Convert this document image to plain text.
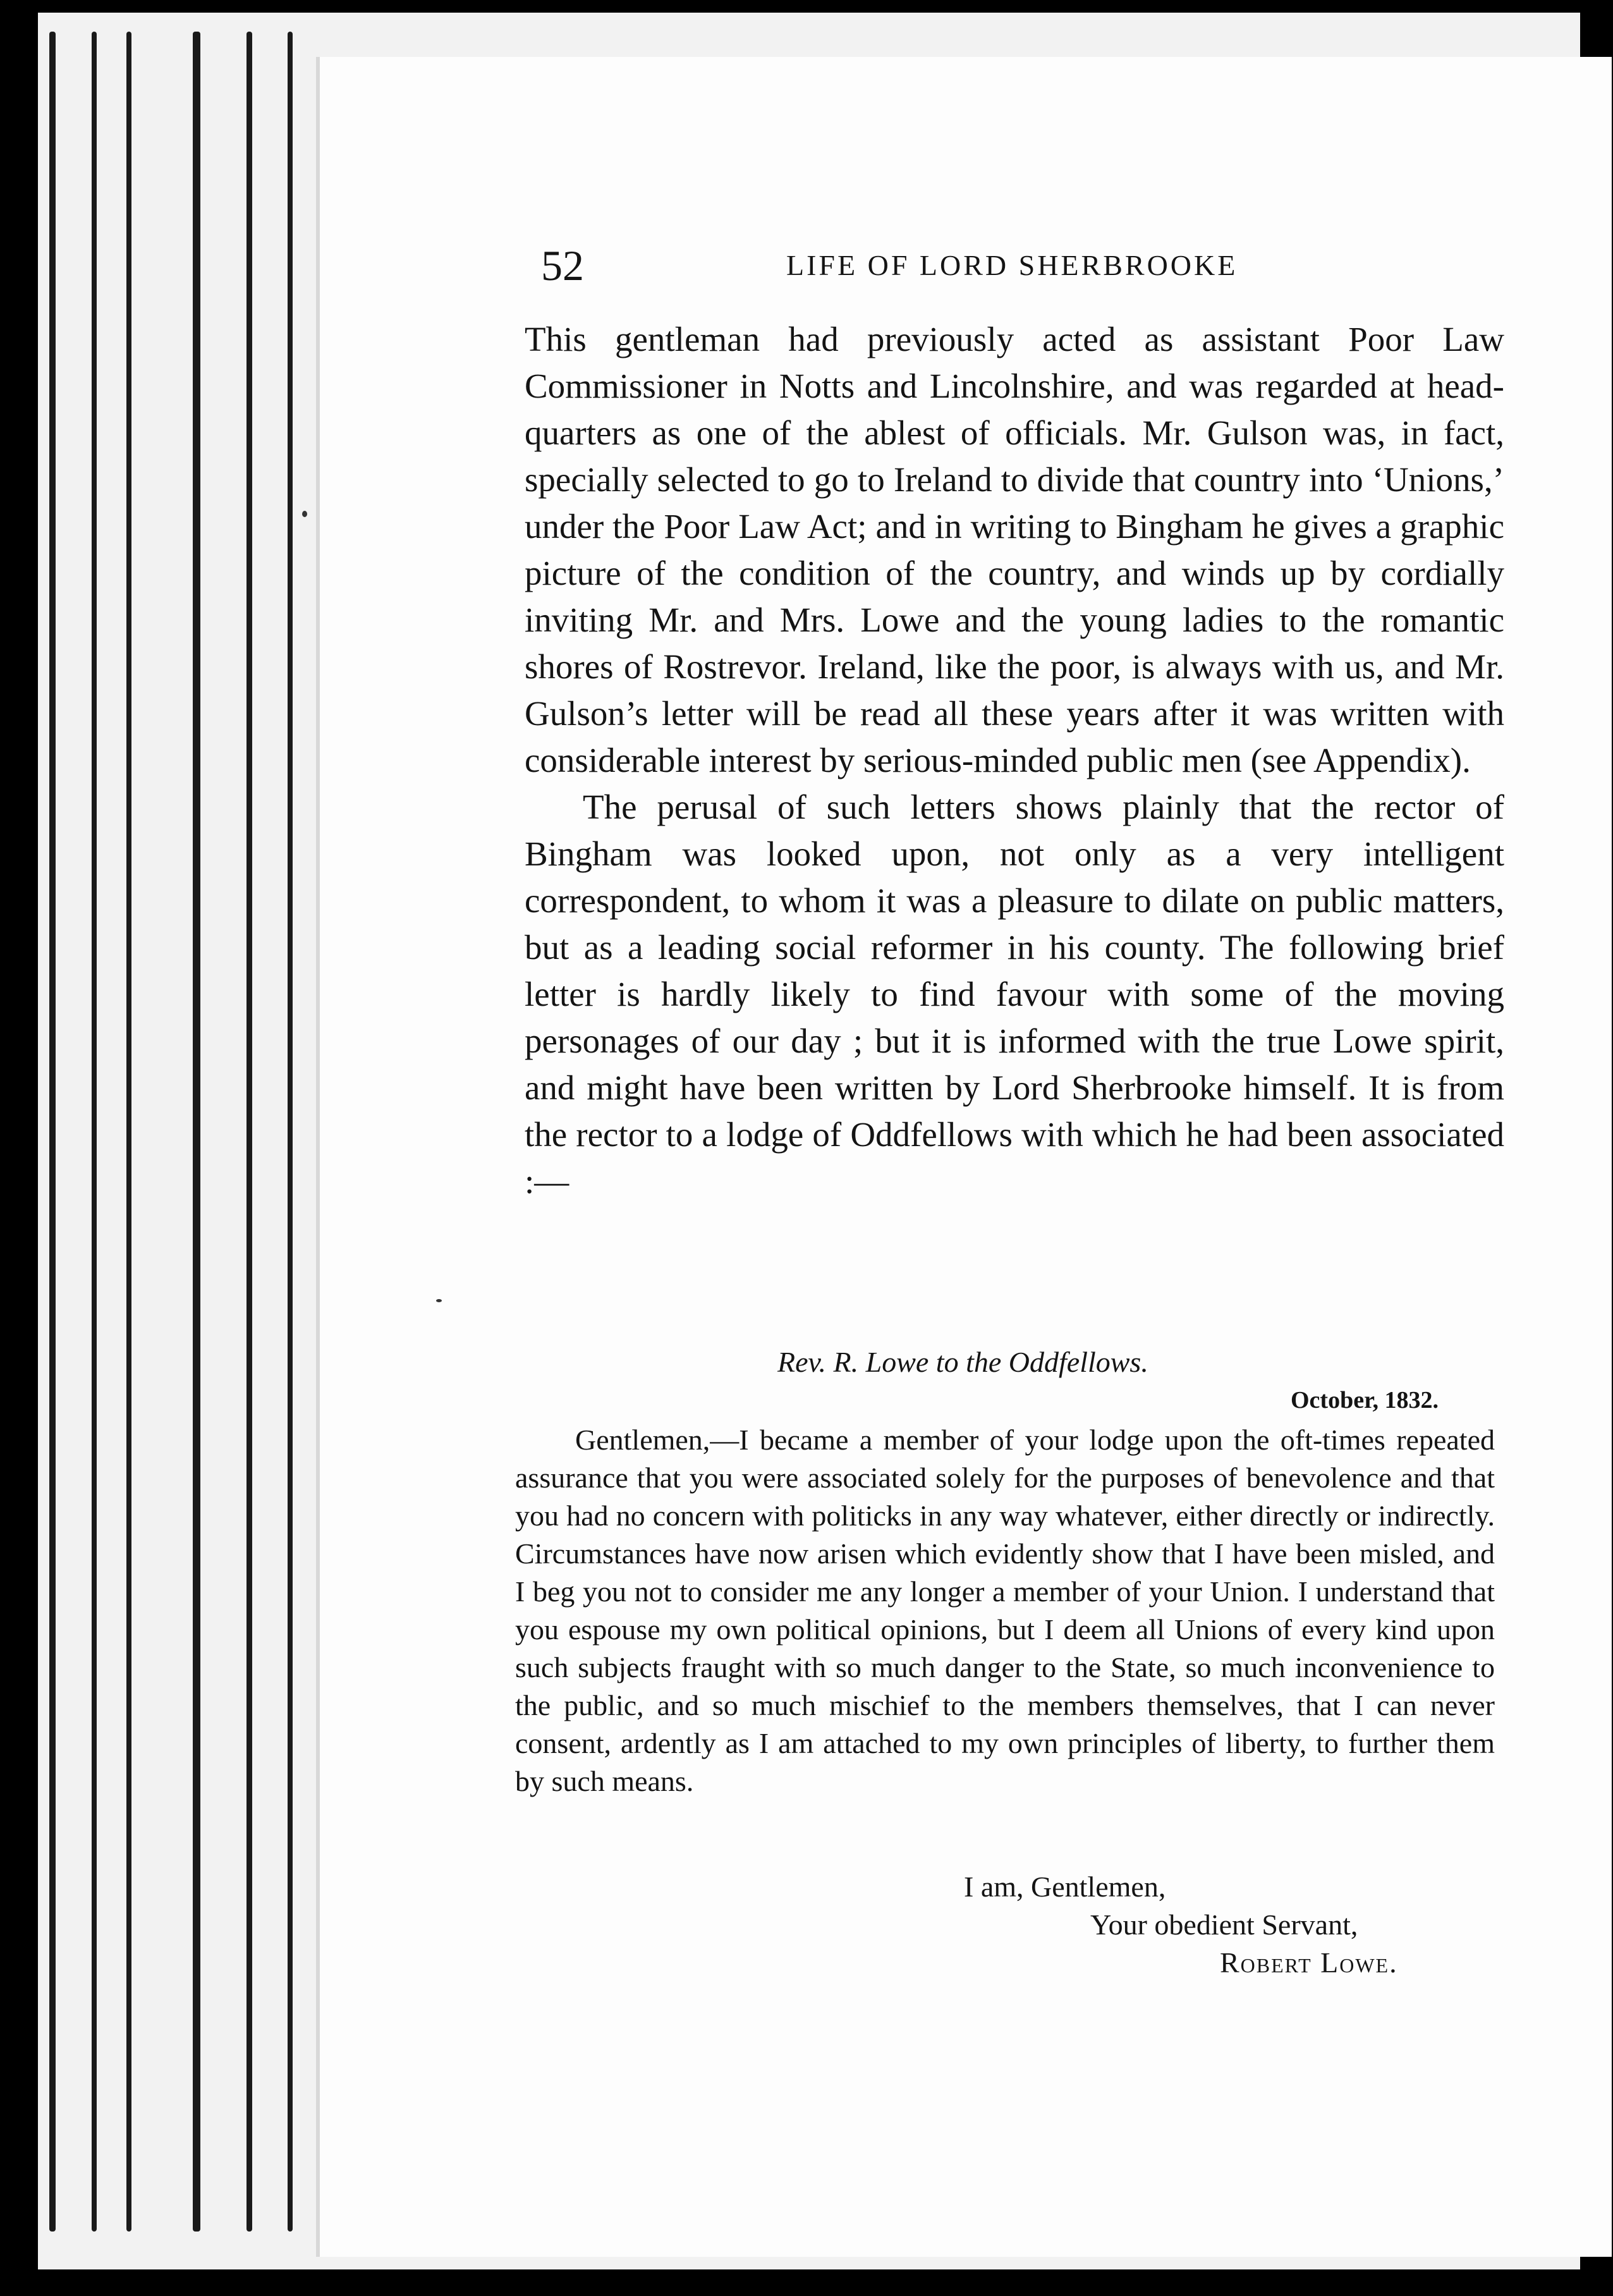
52	LIFE OF LORD SHERBROOKE

This gentleman had previously acted as assistant Poor Law Commissioner in Notts and Lincolnshire, and was regarded at head-quarters as one of the ablest of officials. Mr. Gulson was, in fact, specially selected to go to Ireland to divide that country into ‘Unions,’ under the Poor Law Act; and in writing to Bingham he gives a graphic picture of the condition of the country, and winds up by cordially inviting Mr. and Mrs. Lowe and the young ladies to the romantic shores of Rostrevor. Ireland, like the poor, is always with us, and Mr. Gulson’s letter will be read all these years after it was written with considerable interest by serious-minded public men (see Appendix).

The perusal of such letters shows plainly that the rector of Bingham was looked upon, not only as a very intelligent correspondent, to whom it was a pleasure to dilate on public matters, but as a leading social reformer in his county. The following brief letter is hardly likely to find favour with some of the moving personages of our day ; but it is informed with the true Lowe spirit, and might have been written by Lord Sherbrooke himself. It is from the rector to a lodge of Oddfellows with which he had been associated :—

Rev. R. Lowe to the Oddfellows.
October, 1832.

Gentlemen,—I became a member of your lodge upon the oft-times repeated assurance that you were associated solely for the purposes of benevolence and that you had no concern with politicks in any way whatever, either directly or indirectly. Circumstances have now arisen which evidently show that I have been misled, and I beg you not to consider me any longer a member of your Union. I understand that you espouse my own political opinions, but I deem all Unions of every kind upon such subjects fraught with so much danger to the State, so much inconvenience to the public, and so much mischief to the members themselves, that I can never consent, ardently as I am attached to my own principles of liberty, to further them by such means.

I am, Gentlemen,
Your obedient Servant,
Robert Lowe.
